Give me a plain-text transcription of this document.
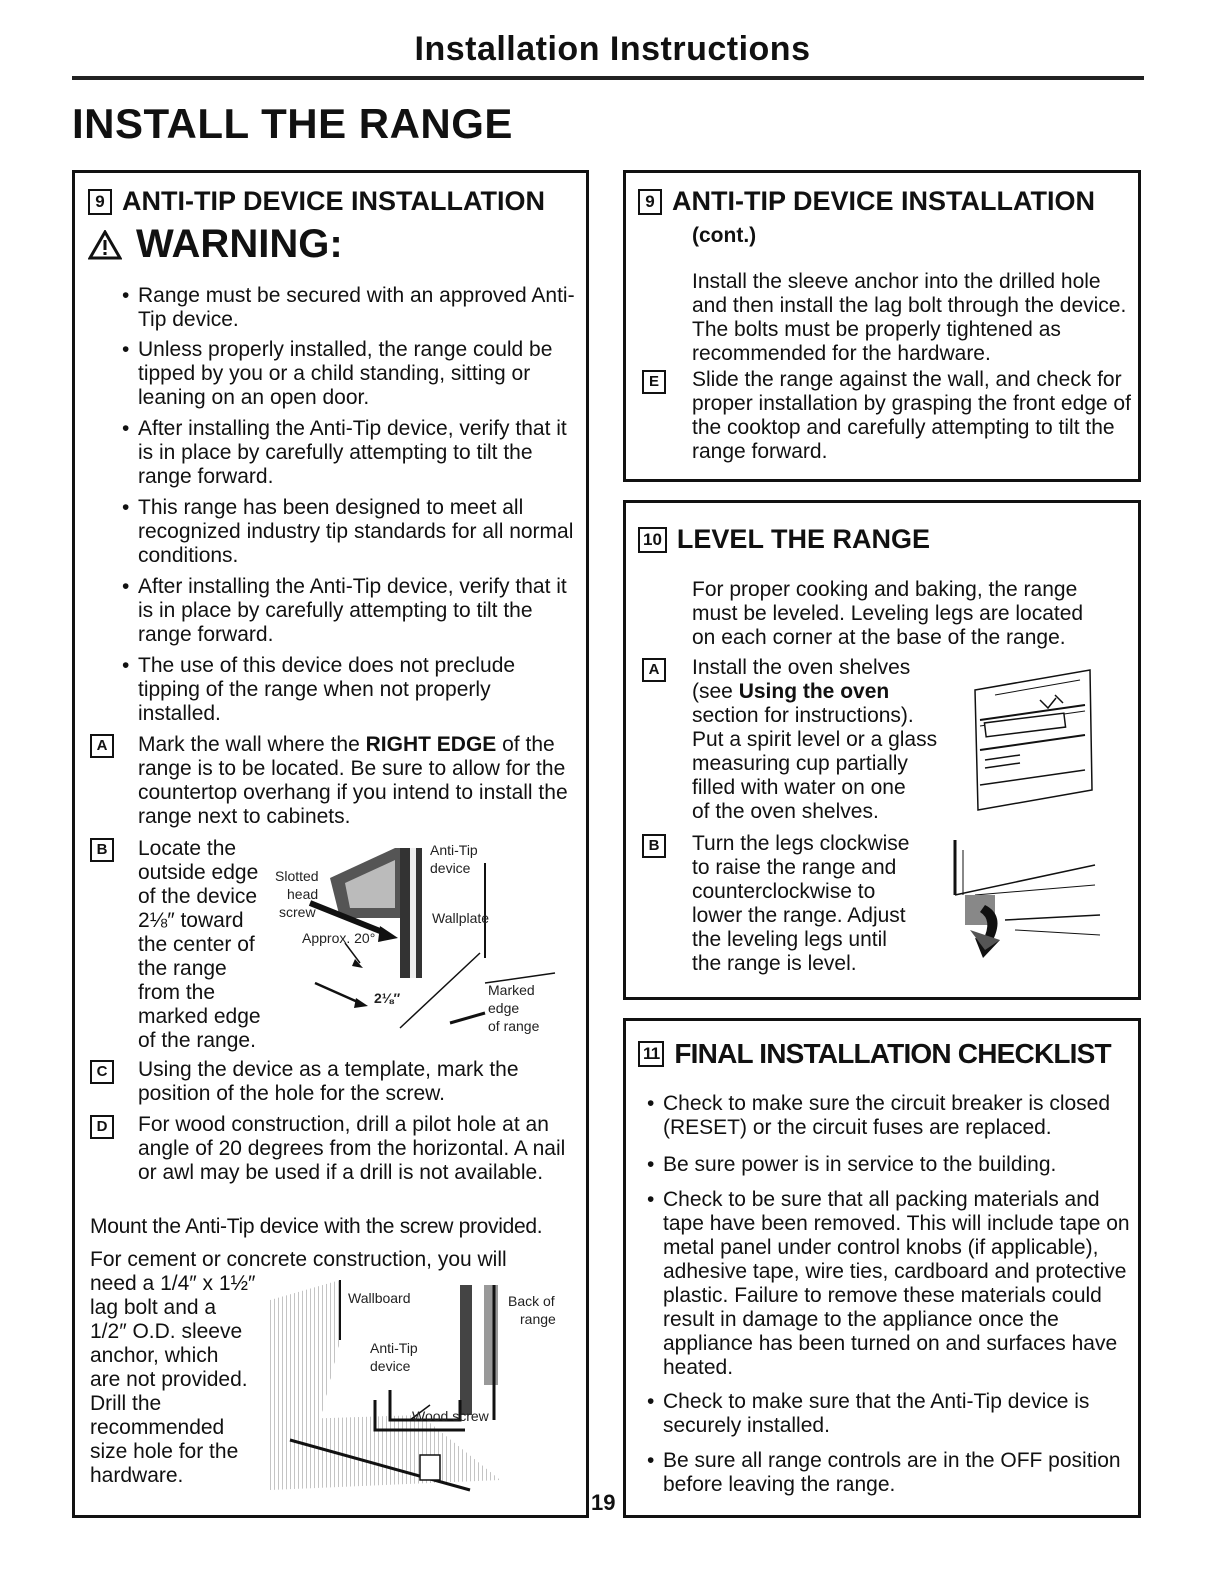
Installation Instructions
INSTALL THE RANGE
9 ANTI-TIP DEVICE INSTALLATION
WARNING:
• Range must be secured with an approved Anti-Tip device.
• Unless properly installed, the range could be tipped by you or a child standing, sitting or leaning on an open door.
• After installing the Anti-Tip device, verify that it is in place by carefully attempting to tilt the range forward.
• This range has been designed to meet all recognized industry tip standards for all normal conditions.
• After installing the Anti-Tip device, verify that it is in place by carefully attempting to tilt the range forward.
• The use of this device does not preclude tipping of the range when not properly installed.
A	Mark the wall where the RIGHT EDGE of the range is to be located. Be sure to allow for the countertop overhang if you intend to install the range next to cabinets.
B	Locate the
outside edge
of the device
2⅛″ toward
the center of
the range
from the
marked edge
of the range.
Anti-Tip
device
Slotted
head
screw	Wallplate
Approx. 20°
2⅛″	Marked
edge
of range
C	Using the device as a template, mark the position of the hole for the screw.
D	For wood construction, drill a pilot hole at an angle of 20 degrees from the horizontal. A nail or awl may be used if a drill is not available.
Mount the Anti-Tip device with the screw provided.
For cement or concrete construction, you will
need a 1/4″ x 1½″
lag bolt and a
1/2″ O.D. sleeve
anchor, which
are not provided.
Drill the
recommended
size hole for the
hardware.
Wallboard	Back of
range
Anti-Tip
device
Wood screw
19
9 ANTI-TIP DEVICE INSTALLATION
(cont.)
Install the sleeve anchor into the drilled hole and then install the lag bolt through the device. The bolts must be properly tightened as recommended for the hardware.
E	Slide the range against the wall, and check for proper installation by grasping the front edge of the cooktop and carefully attempting to tilt the range forward.
10 LEVEL THE RANGE
For proper cooking and baking, the range must be leveled. Leveling legs are located on each corner at the base of the range.
A	Install the oven shelves
(see Using the oven
section for instructions).
Put a spirit level or a glass
measuring cup partially
filled with water on one
of the oven shelves.
B	Turn the legs clockwise
to raise the range and
counterclockwise to
lower the range. Adjust
the leveling legs until
the range is level.
11 FINAL INSTALLATION CHECKLIST
• Check to make sure the circuit breaker is closed (RESET) or the circuit fuses are replaced.
• Be sure power is in service to the building.
• Check to be sure that all packing materials and tape have been removed. This will include tape on metal panel under control knobs (if applicable), adhesive tape, wire ties, cardboard and protective plastic. Failure to remove these materials could result in damage to the appliance once the appliance has been turned on and surfaces have heated.
• Check to make sure that the Anti-Tip device is securely installed.
• Be sure all range controls are in the OFF position before leaving the range.
